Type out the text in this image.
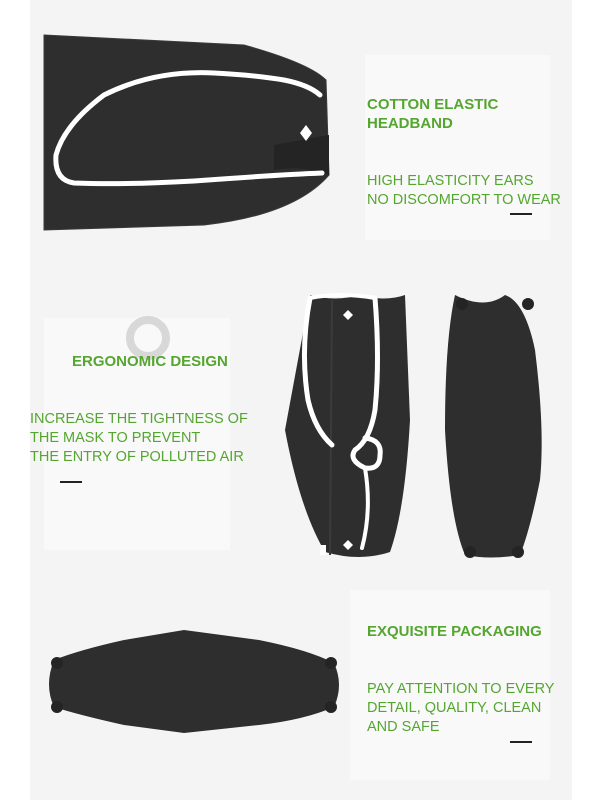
COTTON ELASTIC
HEADBAND

HIGH ELASTICITY EARS
NO DISCOMFORT TO WEAR

ERGONOMIC DESIGN

INCREASE THE TIGHTNESS OF
THE MASK TO PREVENT
THE ENTRY OF POLLUTED AIR

EXQUISITE PACKAGING

PAY ATTENTION TO EVERY
DETAIL, QUALITY, CLEAN
AND SAFE
